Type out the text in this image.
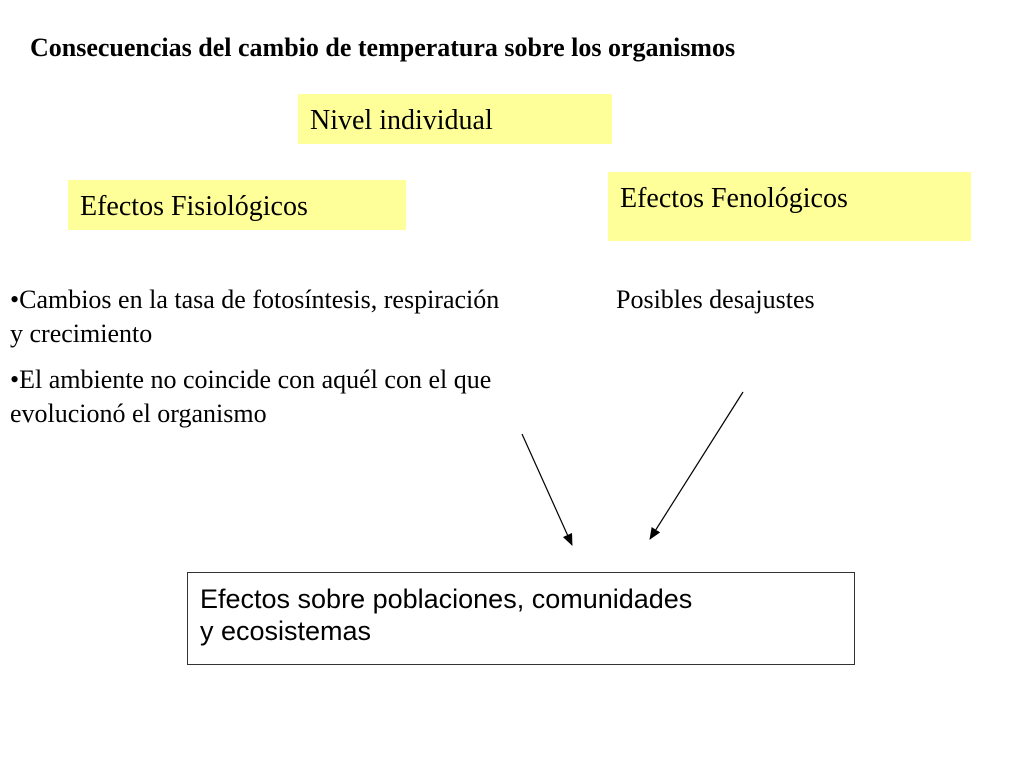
Consecuencias del cambio de temperatura sobre los organismos
Nivel individual
Efectos Fisiológicos	Efectos Fenológicos
•Cambios en la tasa de fotosíntesis, respiración y crecimiento
•El ambiente no coincide con aquél con el que evolucionó el organismo
Posibles desajustes
Efectos sobre poblaciones, comunidades
y ecosistemas
